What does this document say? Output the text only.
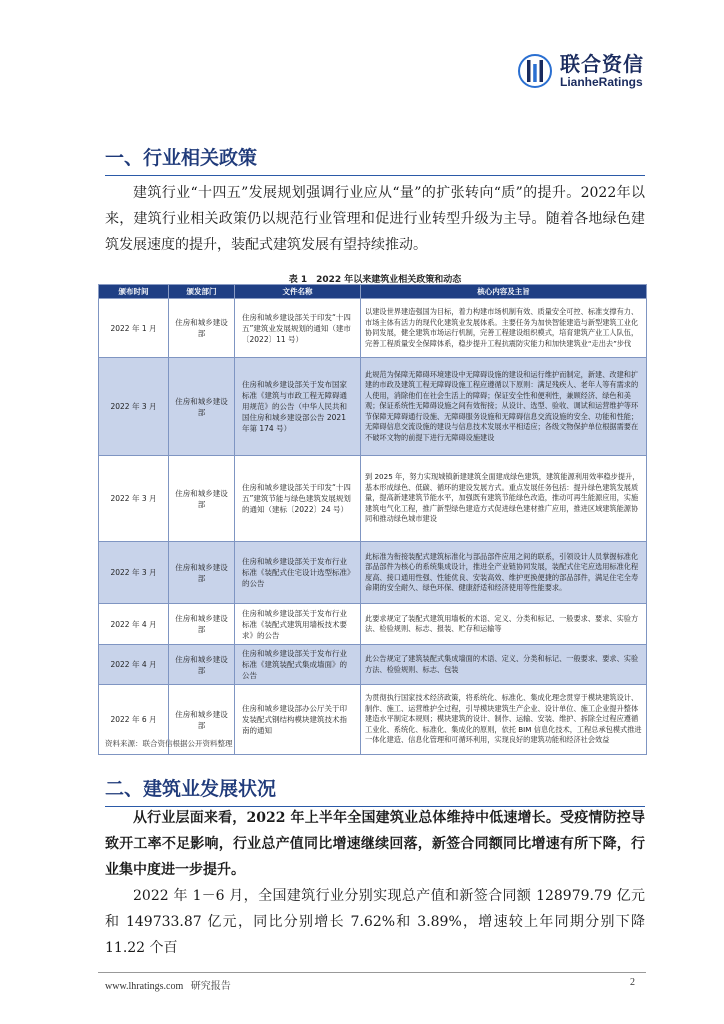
联合资信
LianheRatings
一、行业相关政策
建筑行业“十四五”发展规划强调行业应从“量”的扩张转向“质”的提升。2022年以来，建筑行业相关政策仍以规范行业管理和促进行业转型升级为主导。随着各地绿色建筑发展速度的提升，装配式建筑发展有望持续推动。
表 1　2022 年以来建筑业相关政策和动态
颁布时间	颁发部门	文件名称	核心内容及主旨
2022 年 1 月	住房和城乡建设部	住房和城乡建设部关于印发“十四五”建筑业发展规划的通知（建市〔2022〕11 号）	以建设世界建造强国为目标，着力构建市场机制有效、质量安全可控、标准支撑有力、市场主体有活力的现代化建筑业发展体系。主要任务为加快智能建造与新型建筑工业化协同发展，健全建筑市场运行机制，完善工程建设组织模式，培育建筑产业工人队伍，完善工程质量安全保障体系，稳步提升工程抗震防灾能力和加快建筑业“走出去”步伐
2022 年 3 月	住房和城乡建设部	住房和城乡建设部关于发布国家标准《建筑与市政工程无障碍通用规范》的公告（中华人民共和国住房和城乡建设部公告 2021 年第 174 号）	此规范为保障无障碍环境建设中无障碍设施的建设和运行维护而制定，新建、改建和扩建的市政及建筑工程无障碍设施工程应遵循以下原则：满足残疾人、老年人等有需求的人使用，消除他们在社会生活上的障碍；保证安全性和便利性，兼顾经济、绿色和美观；保证系统性无障碍设施之间有效衔接；从设计、选型、验收、调试和运营维护等环节保障无障碍通行设施、无障碍服务设施和无障碍信息交流设施的安全、功能和性能；无障碍信息交流设施的建设与信息技术发展水平相适应；各级文物保护单位根据需要在不破坏文物的前提下进行无障碍设施建设
2022 年 3 月	住房和城乡建设部	住房和城乡建设部关于印发“十四五”建筑节能与绿色建筑发展规划的通知（建标〔2022〕24 号）	到 2025 年，努力实现城镇新建建筑全面建成绿色建筑，建筑能源利用效率稳步提升，基本形成绿色、低碳、循环的建设发展方式。重点发展任务包括：提升绿色建筑发展质量，提高新建建筑节能水平，加强既有建筑节能绿色改造，推动可再生能源应用，实施建筑电气化工程，推广新型绿色建造方式促进绿色建材推广应用，推进区域建筑能源协同和推动绿色城市建设
2022 年 3 月	住房和城乡建设部	住房和城乡建设部关于发布行业标准《装配式住宅设计选型标准》的公告	此标准为衔接装配式建筑标准化与部品部件应用之间的联系，引领设计人员掌握标准化部品部件为核心的系统集成设计，推进全产业链协同发展，装配式住宅应选用标准化程度高、接口通用性强、性能优良、安装高效、维护更换便捷的部品部件，满足住宅全寿命期的安全耐久、绿色环保、健康舒适和经济使用等性能要求。
2022 年 4 月	住房和城乡建设部	住房和城乡建设部关于发布行业标准《装配式建筑用墙板技术要求》的公告	此要求规定了装配式建筑用墙板的术语、定义、分类和标记、一般要求、要求、实验方法、检验规则、标志、报装、贮存和运输等
2022 年 4 月	住房和城乡建设部	住房和城乡建设部关于发布行业标准《建筑装配式集成墙面》的公告	此公告规定了建筑装配式集成墙面的术语、定义、分类和标记、一般要求、要求、实验方法、检验规则、标志、包装
2022 年 6 月	住房和城乡建设部	住房和城乡建设部办公厅关于印发装配式钢结构模块建筑技术指南的通知	为贯彻执行国家技术经济政策，将系统化、标准化、集成化理念贯穿于模块建筑设计、制作、施工、运营维护全过程，引导模块建筑生产企业、设计单位、施工企业提升整体建造水平制定本规则；模块建筑的设计、制作、运输、安装、维护、拆除全过程应遵循工业化、系统化、标准化、集成化的原则，依托 BIM 信息化技术，工程总承包模式推进一体化建造、信息化管理和可循环利用，实现良好的建筑功能和经济社会效益
资料来源：联合资信根据公开资料整理
二、建筑业发展状况
从行业层面来看，2022 年上半年全国建筑业总体维持中低速增长。受疫情防控导致开工率不足影响，行业总产值同比增速继续回落，新签合同额同比增速有所下降，行业集中度进一步提升。
2022 年 1－6 月，全国建筑行业分别实现总产值和新签合同额 128979.79 亿元和 149733.87 亿元，同比分别增长 7.62%和 3.89%，增速较上年同期分别下降 11.22 个百
www.lhratings.com 研究报告	2
